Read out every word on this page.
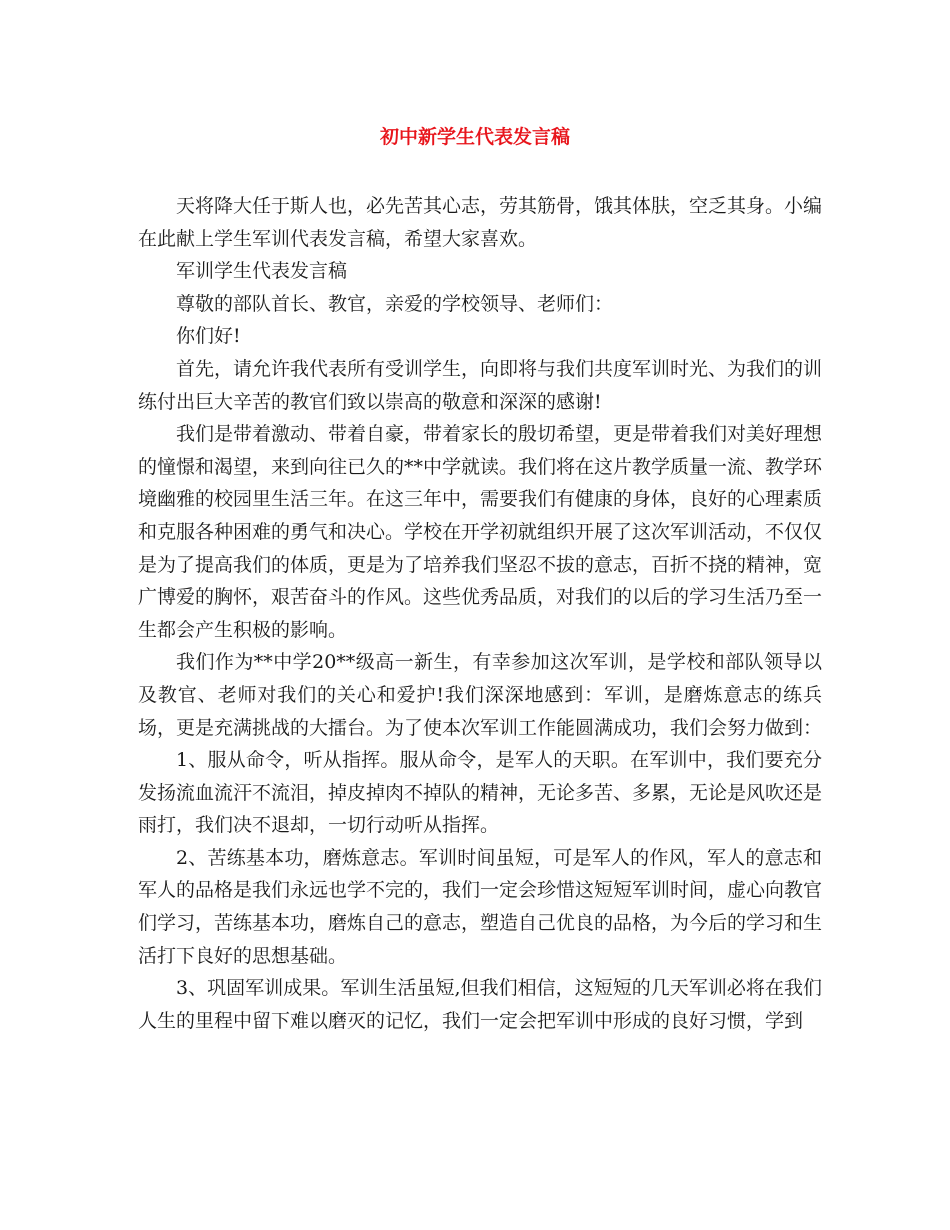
初中新学生代表发言稿

天将降大任于斯人也，必先苦其心志，劳其筋骨，饿其体肤，空乏其身。小编在此献上学生军训代表发言稿，希望大家喜欢。

军训学生代表发言稿

尊敬的部队首长、教官，亲爱的学校领导、老师们：

你们好!

首先，请允许我代表所有受训学生，向即将与我们共度军训时光、为我们的训练付出巨大辛苦的教官们致以崇高的敬意和深深的感谢!

我们是带着激动、带着自豪，带着家长的殷切希望，更是带着我们对美好理想的憧憬和渴望，来到向往已久的**中学就读。我们将在这片教学质量一流、教学环境幽雅的校园里生活三年。在这三年中，需要我们有健康的身体，良好的心理素质和克服各种困难的勇气和决心。学校在开学初就组织开展了这次军训活动，不仅仅是为了提高我们的体质，更是为了培养我们坚忍不拔的意志，百折不挠的精神，宽广博爱的胸怀，艰苦奋斗的作风。这些优秀品质，对我们的以后的学习生活乃至一生都会产生积极的影响。

我们作为**中学20**级高一新生，有幸参加这次军训，是学校和部队领导以及教官、老师对我们的关心和爱护!我们深深地感到：军训，是磨炼意志的练兵场，更是充满挑战的大擂台。为了使本次军训工作能圆满成功，我们会努力做到：

1、服从命令，听从指挥。服从命令，是军人的天职。在军训中，我们要充分发扬流血流汗不流泪，掉皮掉肉不掉队的精神，无论多苦、多累，无论是风吹还是雨打，我们决不退却，一切行动听从指挥。

2、苦练基本功，磨炼意志。军训时间虽短，可是军人的作风，军人的意志和军人的品格是我们永远也学不完的，我们一定会珍惜这短短军训时间，虚心向教官们学习，苦练基本功，磨炼自己的意志，塑造自己优良的品格，为今后的学习和生活打下良好的思想基础。

3、巩固军训成果。军训生活虽短,但我们相信，这短短的几天军训必将在我们人生的里程中留下难以磨灭的记忆，我们一定会把军训中形成的良好习惯，学到
